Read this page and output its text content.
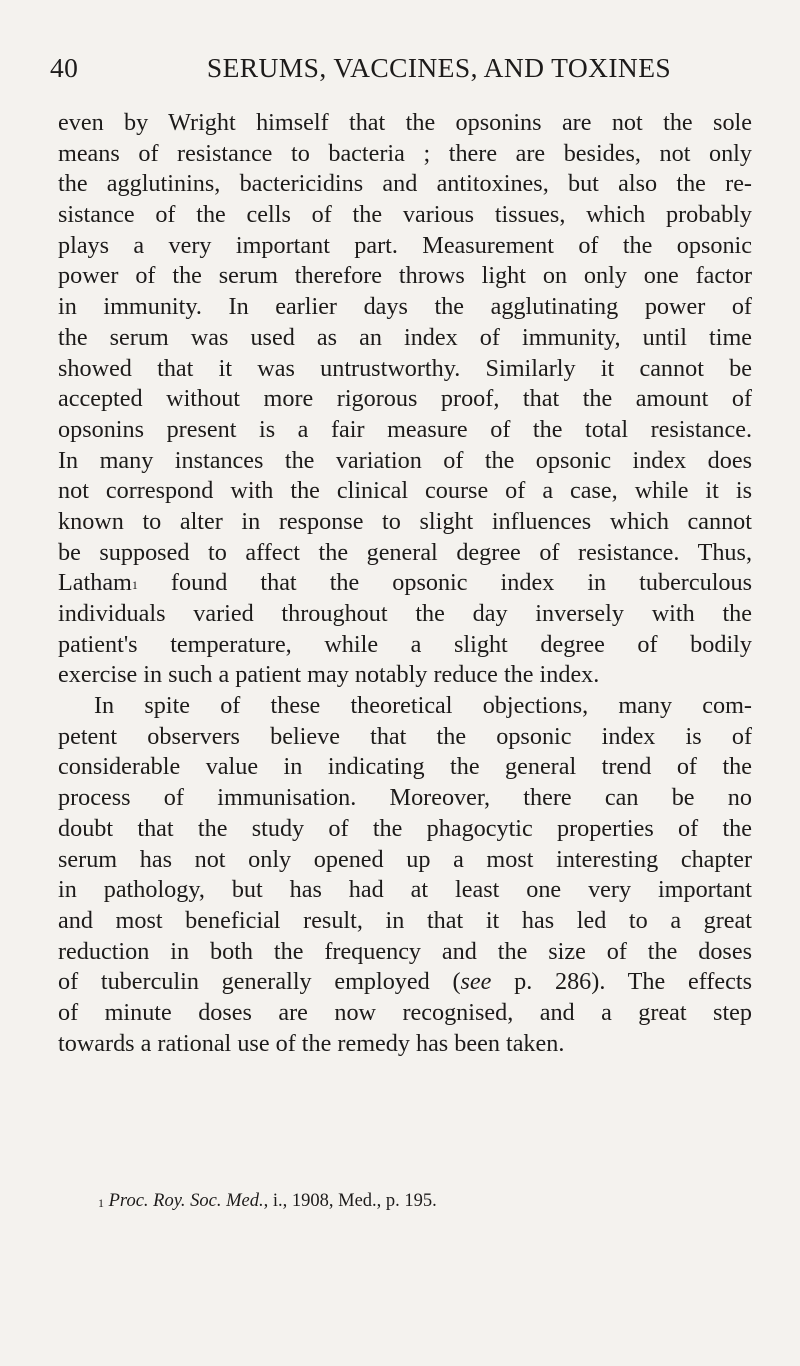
40	SERUMS, VACCINES, AND TOXINES
even by Wright himself that the opsonins are not the sole
means of resistance to bacteria ; there are besides, not only
the agglutinins, bactericidins and antitoxines, but also the re-
sistance of the cells of the various tissues, which probably
plays a very important part. Measurement of the opsonic
power of the serum therefore throws light on only one factor
in immunity. In earlier days the agglutinating power of
the serum was used as an index of immunity, until time
showed that it was untrustworthy. Similarly it cannot be
accepted without more rigorous proof, that the amount of
opsonins present is a fair measure of the total resistance.
In many instances the variation of the opsonic index does
not correspond with the clinical course of a case, while it is
known to alter in response to slight influences which cannot
be supposed to affect the general degree of resistance. Thus,
Latham$^1$ found that the opsonic index in tuberculous
individuals varied throughout the day inversely with the
patient's temperature, while a slight degree of bodily
exercise in such a patient may notably reduce the index.
In spite of these theoretical objections, many com-
petent observers believe that the opsonic index is of
considerable value in indicating the general trend of the
process of immunisation. Moreover, there can be no
doubt that the study of the phagocytic properties of the
serum has not only opened up a most interesting chapter
in pathology, but has had at least one very important
and most beneficial result, in that it has led to a great
reduction in both the frequency and the size of the doses
of tuberculin generally employed (see p. 286). The effects
of minute doses are now recognised, and a great step
towards a rational use of the remedy has been taken.
$^1$ Proc. Roy. Soc. Med., i., 1908, Med., p. 195.
